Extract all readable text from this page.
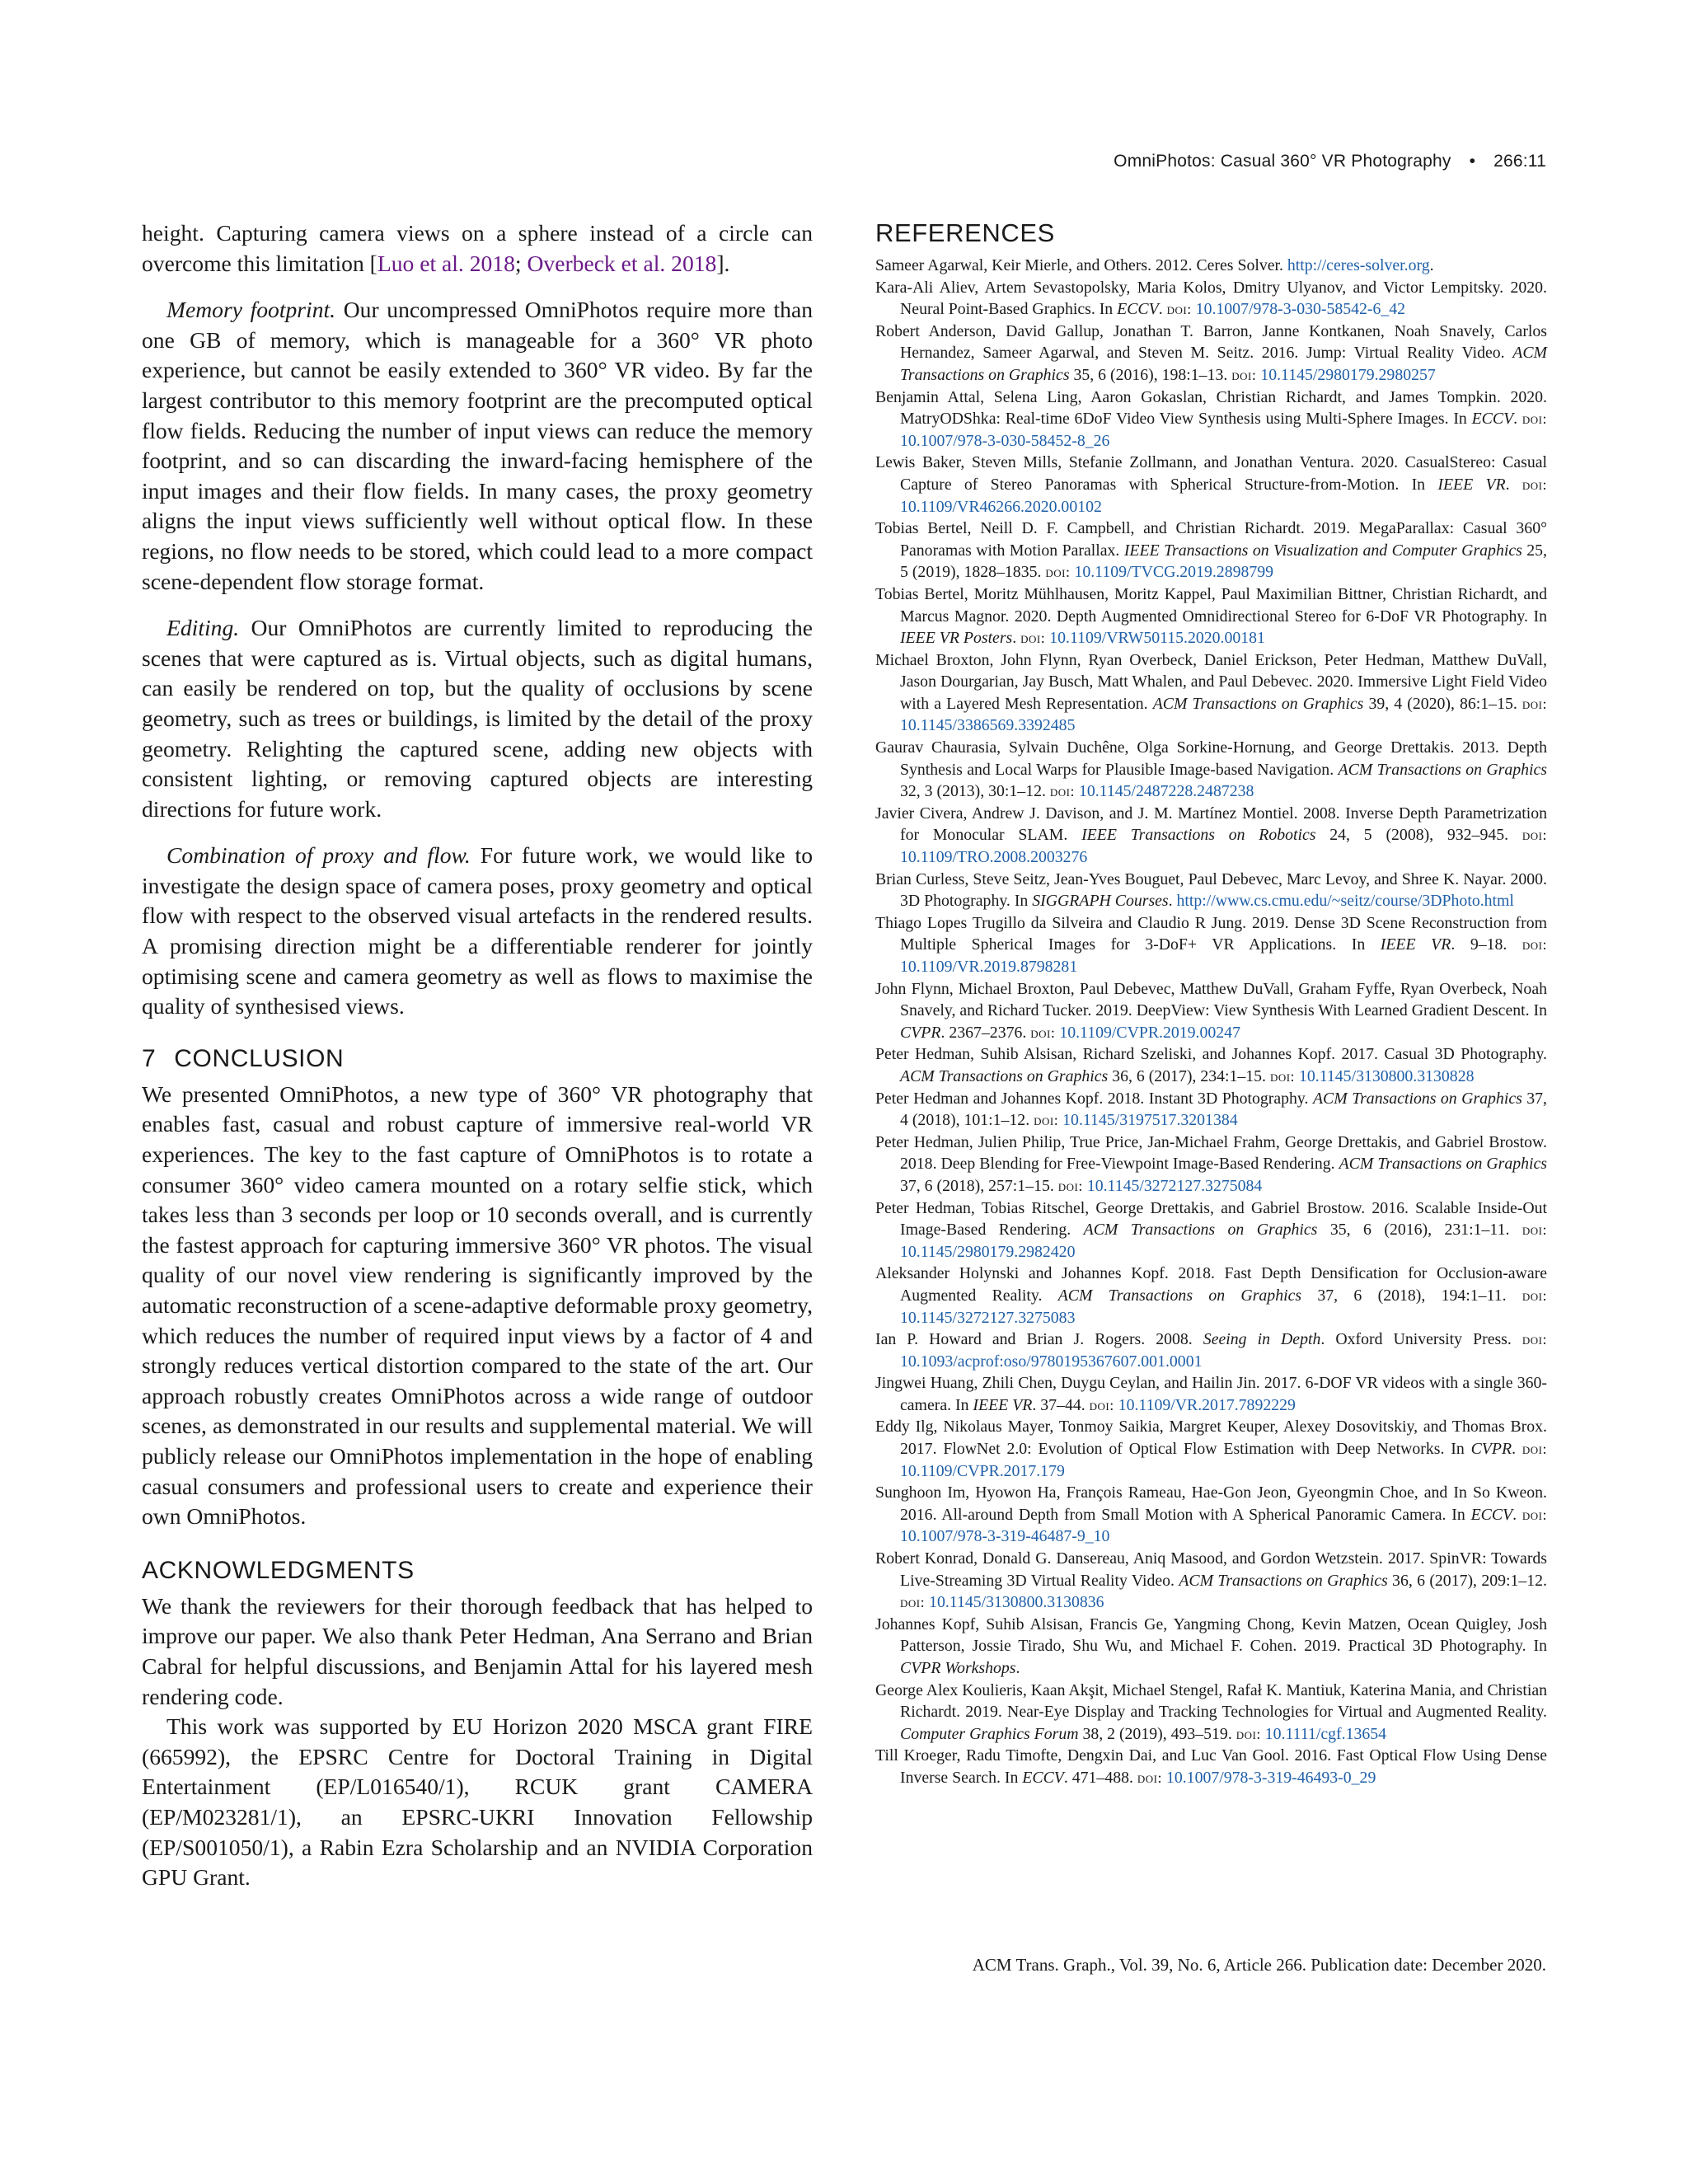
OmniPhotos: Casual 360° VR Photography • 266:11

height. Capturing camera views on a sphere instead of a circle can overcome this limitation [Luo et al. 2018; Overbeck et al. 2018].

Memory footprint. Our uncompressed OmniPhotos require more than one GB of memory, which is manageable for a 360° VR photo experience, but cannot be easily extended to 360° VR video. By far the largest contributor to this memory footprint are the precomputed optical flow fields. Reducing the number of input views can reduce the memory footprint, and so can discarding the inward-facing hemisphere of the input images and their flow fields. In many cases, the proxy geometry aligns the input views sufficiently well without optical flow. In these regions, no flow needs to be stored, which could lead to a more compact scene-dependent flow storage format.

Editing. Our OmniPhotos are currently limited to reproducing the scenes that were captured as is. Virtual objects, such as digital humans, can easily be rendered on top, but the quality of occlusions by scene geometry, such as trees or buildings, is limited by the detail of the proxy geometry. Relighting the captured scene, adding new objects with consistent lighting, or removing captured objects are interesting directions for future work.

Combination of proxy and flow. For future work, we would like to investigate the design space of camera poses, proxy geometry and optical flow with respect to the observed visual artefacts in the rendered results. A promising direction might be a differentiable renderer for jointly optimising scene and camera geometry as well as flows to maximise the quality of synthesised views.

7 CONCLUSION

We presented OmniPhotos, a new type of 360° VR photography that enables fast, casual and robust capture of immersive real-world VR experiences. The key to the fast capture of OmniPhotos is to rotate a consumer 360° video camera mounted on a rotary selfie stick, which takes less than 3 seconds per loop or 10 seconds overall, and is currently the fastest approach for capturing immersive 360° VR photos. The visual quality of our novel view rendering is significantly improved by the automatic reconstruction of a scene-adaptive deformable proxy geometry, which reduces the number of required input views by a factor of 4 and strongly reduces vertical distortion compared to the state of the art. Our approach robustly creates OmniPhotos across a wide range of outdoor scenes, as demonstrated in our results and supplemental material. We will publicly release our OmniPhotos implementation in the hope of enabling casual consumers and professional users to create and experience their own OmniPhotos.

ACKNOWLEDGMENTS

We thank the reviewers for their thorough feedback that has helped to improve our paper. We also thank Peter Hedman, Ana Serrano and Brian Cabral for helpful discussions, and Benjamin Attal for his layered mesh rendering code.

This work was supported by EU Horizon 2020 MSCA grant FIRE (665992), the EPSRC Centre for Doctoral Training in Digital Entertainment (EP/L016540/1), RCUK grant CAMERA (EP/M023281/1), an EPSRC-UKRI Innovation Fellowship (EP/S001050/1), a Rabin Ezra Scholarship and an NVIDIA Corporation GPU Grant.

REFERENCES

Sameer Agarwal, Keir Mierle, and Others. 2012. Ceres Solver. http://ceres-solver.org.

Kara-Ali Aliev, Artem Sevastopolsky, Maria Kolos, Dmitry Ulyanov, and Victor Lempitsky. 2020. Neural Point-Based Graphics. In ECCV. doi: 10.1007/978-3-030-58542-6_42

Robert Anderson, David Gallup, Jonathan T. Barron, Janne Kontkanen, Noah Snavely, Carlos Hernandez, Sameer Agarwal, and Steven M. Seitz. 2016. Jump: Virtual Reality Video. ACM Transactions on Graphics 35, 6 (2016), 198:1–13. doi: 10.1145/2980179.2980257

Benjamin Attal, Selena Ling, Aaron Gokaslan, Christian Richardt, and James Tompkin. 2020. MatryODShka: Real-time 6DoF Video View Synthesis using Multi-Sphere Images. In ECCV. doi: 10.1007/978-3-030-58452-8_26

Lewis Baker, Steven Mills, Stefanie Zollmann, and Jonathan Ventura. 2020. CasualStereo: Casual Capture of Stereo Panoramas with Spherical Structure-from-Motion. In IEEE VR. doi: 10.1109/VR46266.2020.00102

Tobias Bertel, Neill D. F. Campbell, and Christian Richardt. 2019. MegaParallax: Casual 360° Panoramas with Motion Parallax. IEEE Transactions on Visualization and Computer Graphics 25, 5 (2019), 1828–1835. doi: 10.1109/TVCG.2019.2898799

Tobias Bertel, Moritz Mühlhausen, Moritz Kappel, Paul Maximilian Bittner, Christian Richardt, and Marcus Magnor. 2020. Depth Augmented Omnidirectional Stereo for 6-DoF VR Photography. In IEEE VR Posters. doi: 10.1109/VRW50115.2020.00181

Michael Broxton, John Flynn, Ryan Overbeck, Daniel Erickson, Peter Hedman, Matthew DuVall, Jason Dourgarian, Jay Busch, Matt Whalen, and Paul Debevec. 2020. Immersive Light Field Video with a Layered Mesh Representation. ACM Transactions on Graphics 39, 4 (2020), 86:1–15. doi: 10.1145/3386569.3392485

Gaurav Chaurasia, Sylvain Duchêne, Olga Sorkine-Hornung, and George Drettakis. 2013. Depth Synthesis and Local Warps for Plausible Image-based Navigation. ACM Transactions on Graphics 32, 3 (2013), 30:1–12. doi: 10.1145/2487228.2487238

Javier Civera, Andrew J. Davison, and J. M. Martínez Montiel. 2008. Inverse Depth Parametrization for Monocular SLAM. IEEE Transactions on Robotics 24, 5 (2008), 932–945. doi: 10.1109/TRO.2008.2003276

Brian Curless, Steve Seitz, Jean-Yves Bouguet, Paul Debevec, Marc Levoy, and Shree K. Nayar. 2000. 3D Photography. In SIGGRAPH Courses. http://www.cs.cmu.edu/~seitz/course/3DPhoto.html

Thiago Lopes Trugillo da Silveira and Claudio R Jung. 2019. Dense 3D Scene Reconstruction from Multiple Spherical Images for 3-DoF+ VR Applications. In IEEE VR. 9–18. doi: 10.1109/VR.2019.8798281

John Flynn, Michael Broxton, Paul Debevec, Matthew DuVall, Graham Fyffe, Ryan Overbeck, Noah Snavely, and Richard Tucker. 2019. DeepView: View Synthesis With Learned Gradient Descent. In CVPR. 2367–2376. doi: 10.1109/CVPR.2019.00247

Peter Hedman, Suhib Alsisan, Richard Szeliski, and Johannes Kopf. 2017. Casual 3D Photography. ACM Transactions on Graphics 36, 6 (2017), 234:1–15. doi: 10.1145/3130800.3130828

Peter Hedman and Johannes Kopf. 2018. Instant 3D Photography. ACM Transactions on Graphics 37, 4 (2018), 101:1–12. doi: 10.1145/3197517.3201384

Peter Hedman, Julien Philip, True Price, Jan-Michael Frahm, George Drettakis, and Gabriel Brostow. 2018. Deep Blending for Free-Viewpoint Image-Based Rendering. ACM Transactions on Graphics 37, 6 (2018), 257:1–15. doi: 10.1145/3272127.3275084

Peter Hedman, Tobias Ritschel, George Drettakis, and Gabriel Brostow. 2016. Scalable Inside-Out Image-Based Rendering. ACM Transactions on Graphics 35, 6 (2016), 231:1–11. doi: 10.1145/2980179.2982420

Aleksander Holynski and Johannes Kopf. 2018. Fast Depth Densification for Occlusion-aware Augmented Reality. ACM Transactions on Graphics 37, 6 (2018), 194:1–11. doi: 10.1145/3272127.3275083

Ian P. Howard and Brian J. Rogers. 2008. Seeing in Depth. Oxford University Press. doi: 10.1093/acprof:oso/9780195367607.001.0001

Jingwei Huang, Zhili Chen, Duygu Ceylan, and Hailin Jin. 2017. 6-DOF VR videos with a single 360-camera. In IEEE VR. 37–44. doi: 10.1109/VR.2017.7892229

Eddy Ilg, Nikolaus Mayer, Tonmoy Saikia, Margret Keuper, Alexey Dosovitskiy, and Thomas Brox. 2017. FlowNet 2.0: Evolution of Optical Flow Estimation with Deep Networks. In CVPR. doi: 10.1109/CVPR.2017.179

Sunghoon Im, Hyowon Ha, François Rameau, Hae-Gon Jeon, Gyeongmin Choe, and In So Kweon. 2016. All-around Depth from Small Motion with A Spherical Panoramic Camera. In ECCV. doi: 10.1007/978-3-319-46487-9_10

Robert Konrad, Donald G. Dansereau, Aniq Masood, and Gordon Wetzstein. 2017. SpinVR: Towards Live-Streaming 3D Virtual Reality Video. ACM Transactions on Graphics 36, 6 (2017), 209:1–12. doi: 10.1145/3130800.3130836

Johannes Kopf, Suhib Alsisan, Francis Ge, Yangming Chong, Kevin Matzen, Ocean Quigley, Josh Patterson, Jossie Tirado, Shu Wu, and Michael F. Cohen. 2019. Practical 3D Photography. In CVPR Workshops.

George Alex Koulieris, Kaan Akşit, Michael Stengel, Rafał K. Mantiuk, Katerina Mania, and Christian Richardt. 2019. Near-Eye Display and Tracking Technologies for Virtual and Augmented Reality. Computer Graphics Forum 38, 2 (2019), 493–519. doi: 10.1111/cgf.13654

Till Kroeger, Radu Timofte, Dengxin Dai, and Luc Van Gool. 2016. Fast Optical Flow Using Dense Inverse Search. In ECCV. 471–488. doi: 10.1007/978-3-319-46493-0_29

ACM Trans. Graph., Vol. 39, No. 6, Article 266. Publication date: December 2020.
